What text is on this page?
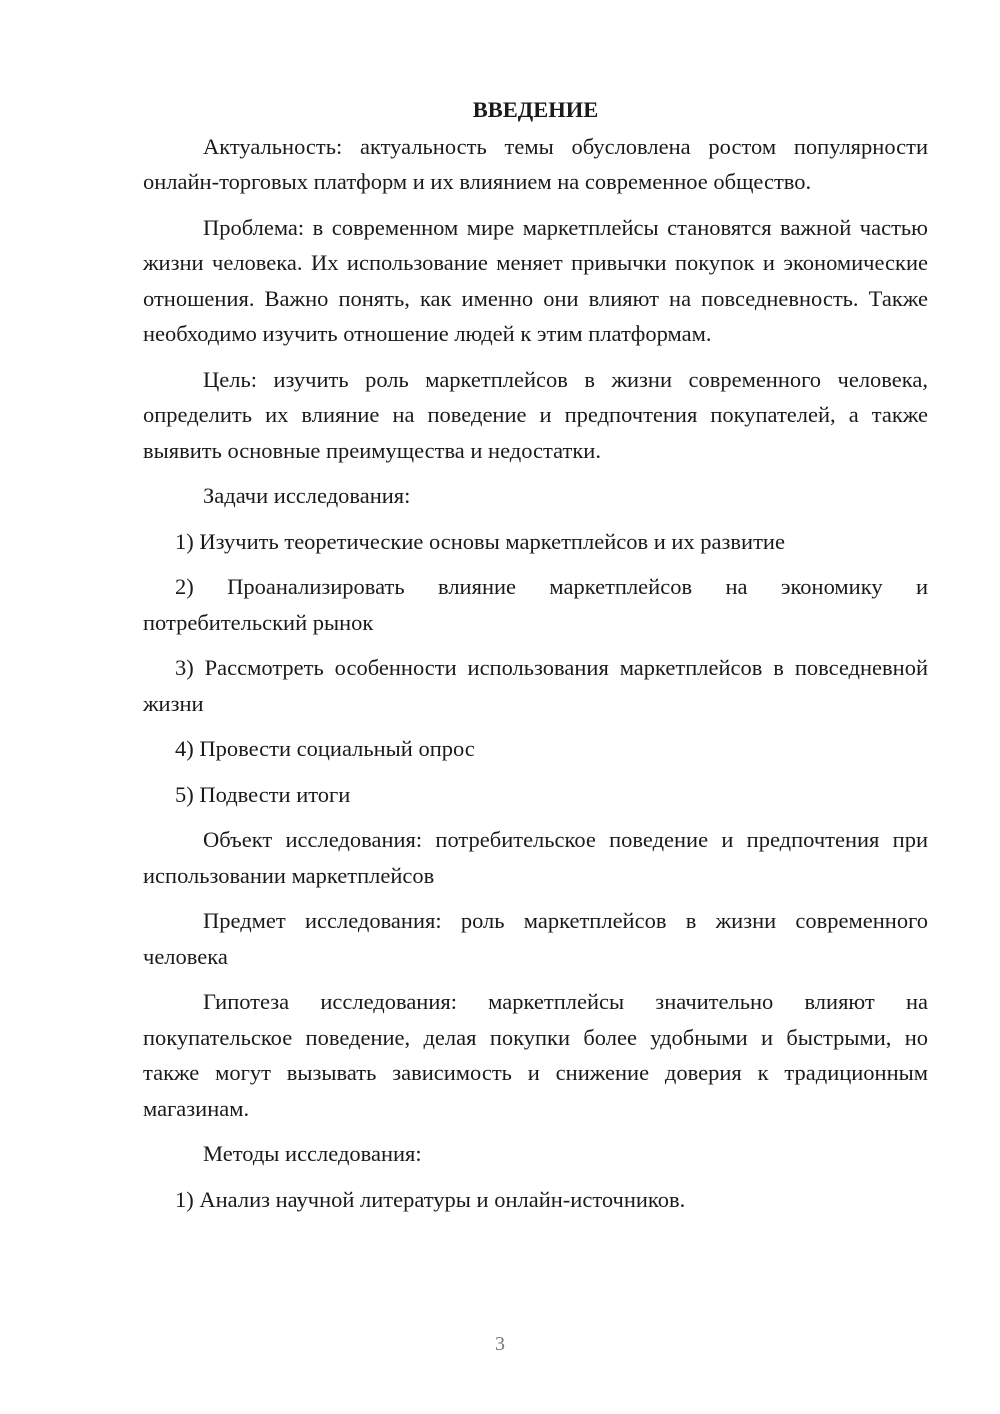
ВВЕДЕНИЕ

Актуальность: актуальность темы обусловлена ростом популярности онлайн-торговых платформ и их влиянием на современное общество.

Проблема: в современном мире маркетплейсы становятся важной частью жизни человека. Их использование меняет привычки покупок и экономические отношения. Важно понять, как именно они влияют на повседневность. Также необходимо изучить отношение людей к этим платформам.

Цель: изучить роль маркетплейсов в жизни современного человека, определить их влияние на поведение и предпочтения покупателей, а также выявить основные преимущества и недостатки.

Задачи исследования:

1) Изучить теоретические основы маркетплейсов и их развитие

2) Проанализировать влияние маркетплейсов на экономику и потребительский рынок

3) Рассмотреть особенности использования маркетплейсов в повседневной жизни

4) Провести социальный опрос

5) Подвести итоги

Объект исследования: потребительское поведение и предпочтения при использовании маркетплейсов

Предмет исследования: роль маркетплейсов в жизни современного человека

Гипотеза исследования: маркетплейсы значительно влияют на покупательское поведение, делая покупки более удобными и быстрыми, но также могут вызывать зависимость и снижение доверия к традиционным магазинам.

Методы исследования:

1) Анализ научной литературы и онлайн-источников.

3
